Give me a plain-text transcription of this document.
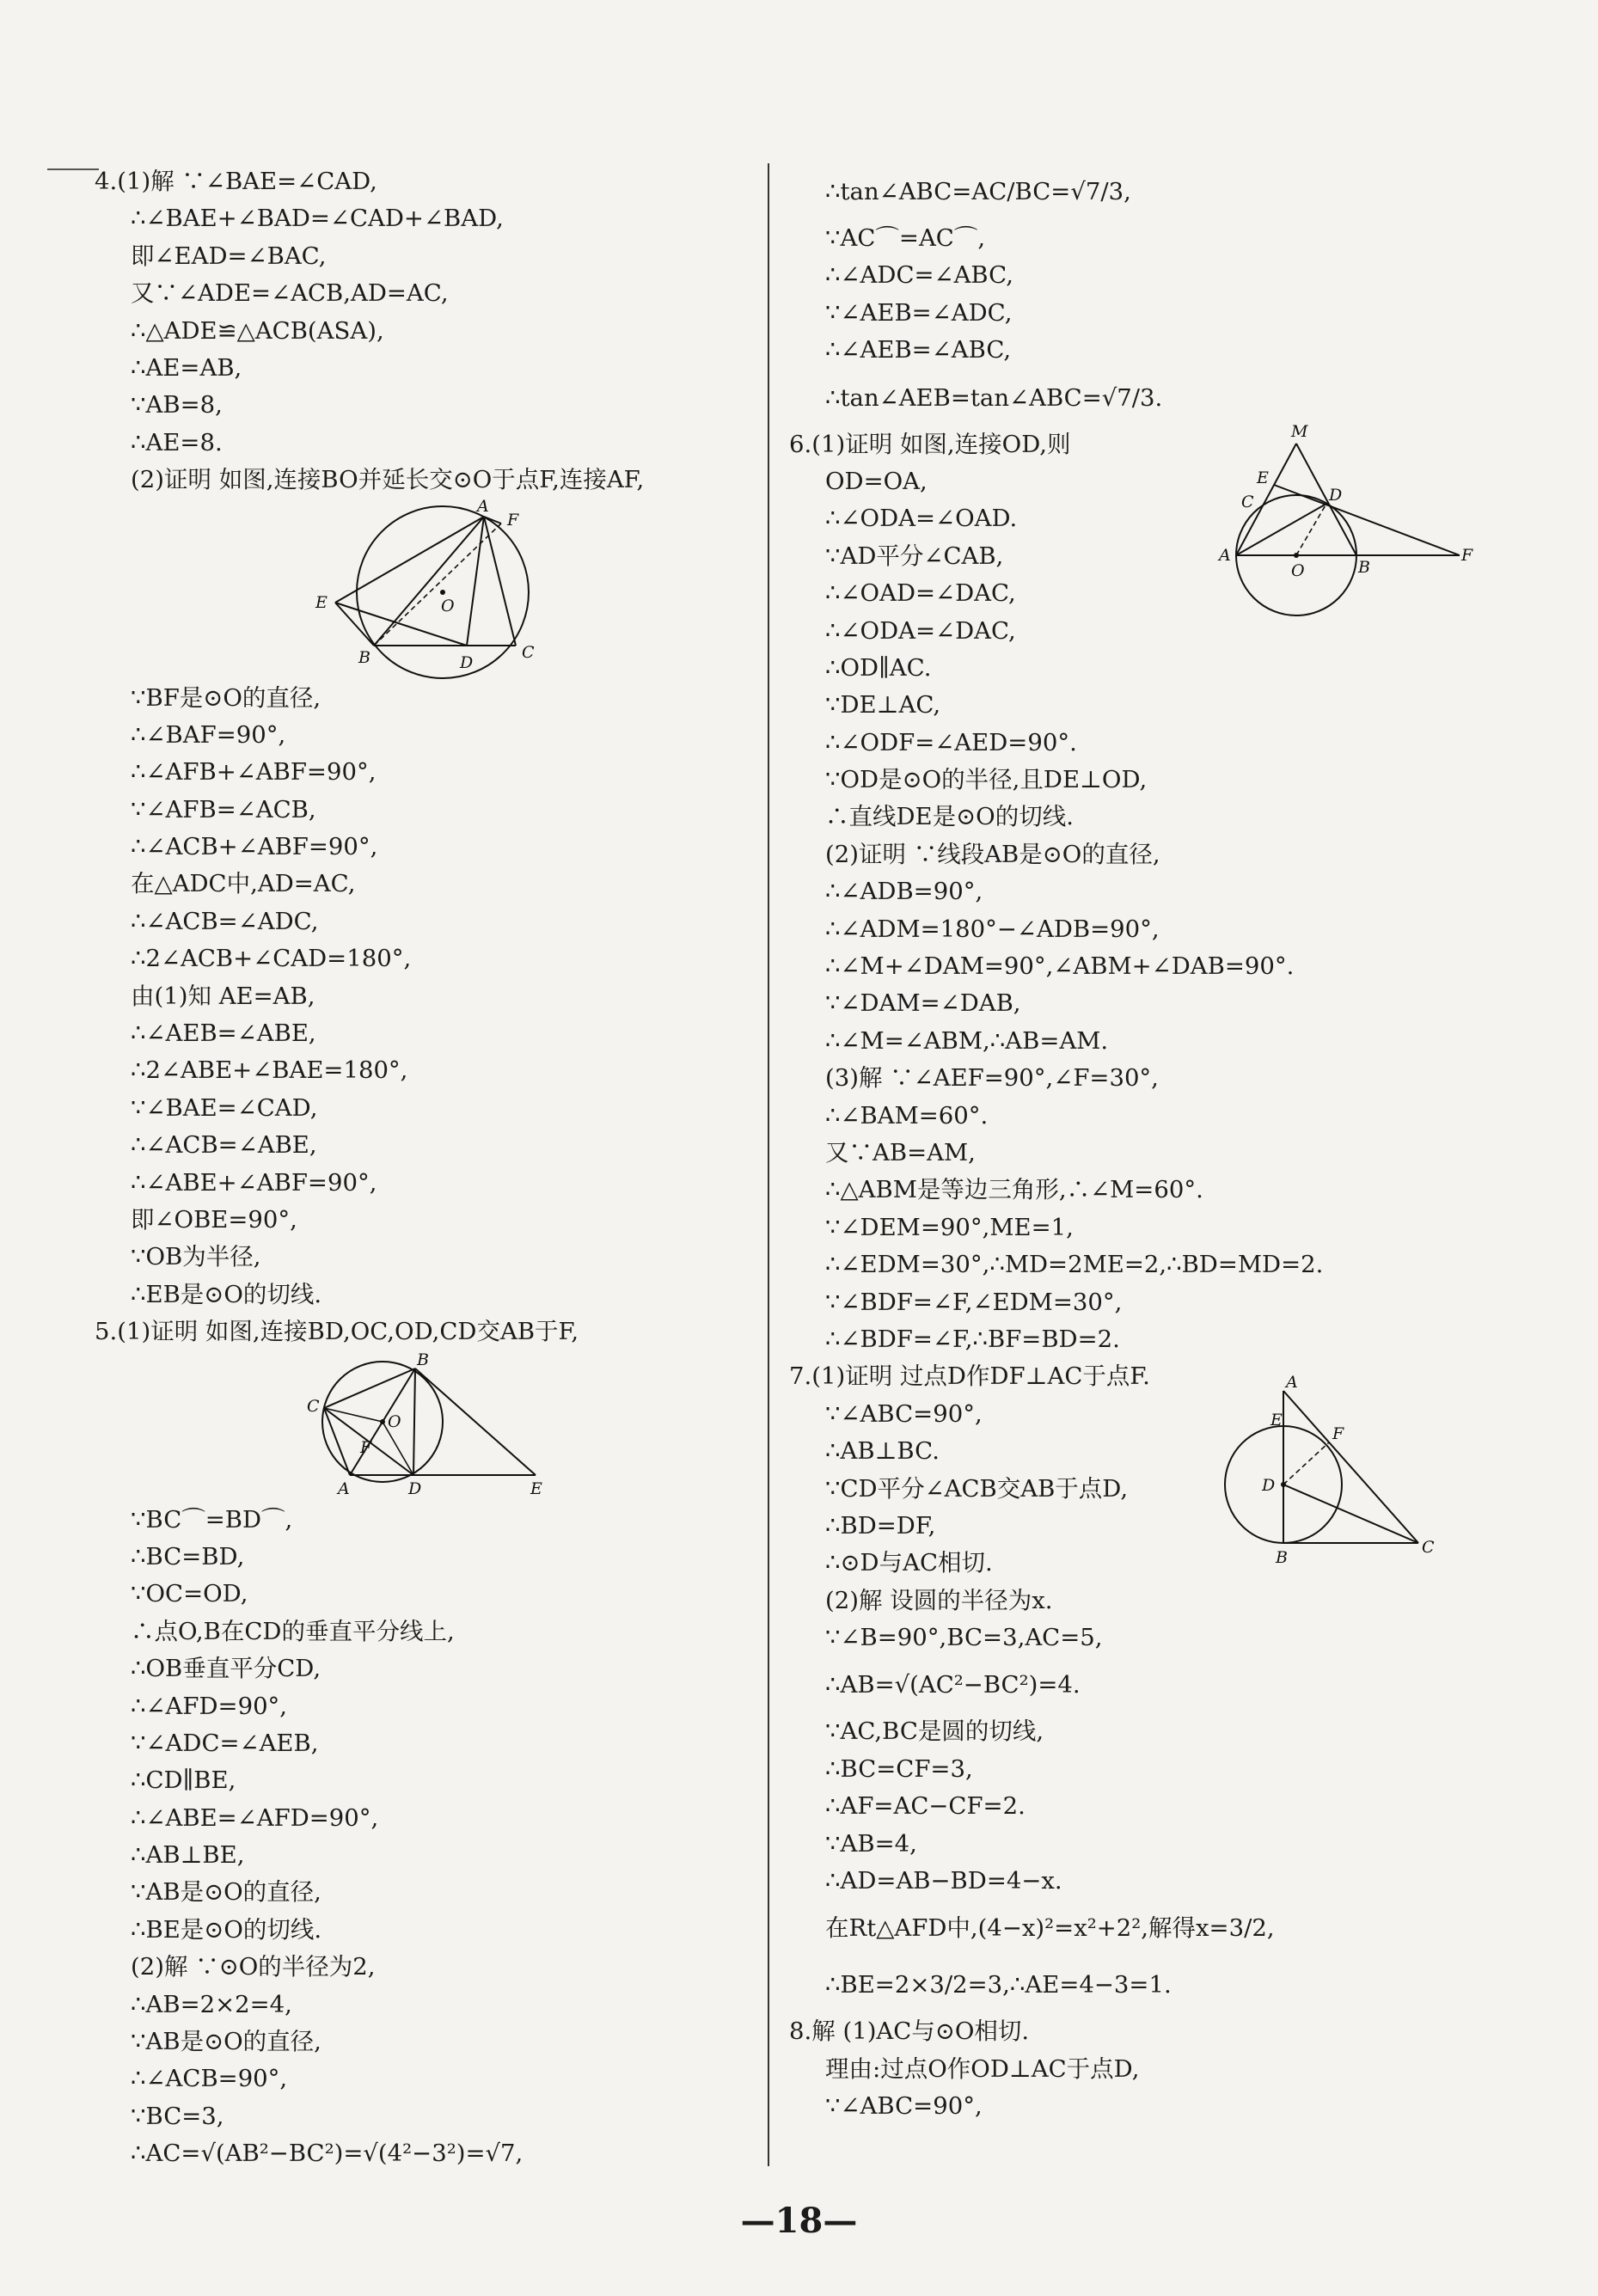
4.(1)解 ∵∠BAE=∠CAD,
∴∠BAE+∠BAD=∠CAD+∠BAD,
即∠EAD=∠BAC,
又∵∠ADE=∠ACB,AD=AC,
∴△ADE≌△ACB(ASA),
∴AE=AB,
∵AB=8,
∴AE=8.
(2)证明 如图,连接BO并延长交⊙O于点F,连接AF,
A
F
E	O
B	D
C
∵BF是⊙O的直径,
∴∠BAF=90°,
∴∠AFB+∠ABF=90°,
∵∠AFB=∠ACB,
∴∠ACB+∠ABF=90°,
在△ADC中,AD=AC,
∴∠ACB=∠ADC,
∴2∠ACB+∠CAD=180°,
由(1)知 AE=AB,
∴∠AEB=∠ABE,
∴2∠ABE+∠BAE=180°,
∵∠BAE=∠CAD,
∴∠ACB=∠ABE,
∴∠ABE+∠ABF=90°,
即∠OBE=90°,
∵OB为半径,
∴EB是⊙O的切线.
5.(1)证明 如图,连接BD,OC,OD,CD交AB于F,
B
C
O
F
A	D	E
∵BC⌒=BD⌒,
∴BC=BD,
∵OC=OD,
∴点O,B在CD的垂直平分线上,
∴OB垂直平分CD,
∴∠AFD=90°,
∵∠ADC=∠AEB,
∴CD∥BE,
∴∠ABE=∠AFD=90°,
∴AB⊥BE,
∵AB是⊙O的直径,
∴BE是⊙O的切线.
(2)解 ∵⊙O的半径为2,
∴AB=2×2=4,
∵AB是⊙O的直径,
∴∠ACB=90°,
∵BC=3,
∴AC=√(AB²−BC²)=√(4²−3²)=√7,
∴tan∠ABC=AC/BC=√7/3,
∵AC⌒=AC⌒,
∴∠ADC=∠ABC,
∵∠AEB=∠ADC,
∴∠AEB=∠ABC,
∴tan∠AEB=tan∠ABC=√7/3.
6.(1)证明 如图,连接OD,则
OD=OA,
∴∠ODA=∠OAD.
∵AD平分∠CAB,
∴∠OAD=∠DAC,
∴∠ODA=∠DAC,
∴OD∥AC.
∵DE⊥AC,
∴∠ODF=∠AED=90°.
M
E
C	D
A
O	B
F
∵OD是⊙O的半径,且DE⊥OD,
∴直线DE是⊙O的切线.
(2)证明 ∵线段AB是⊙O的直径,
∴∠ADB=90°,
∴∠ADM=180°−∠ADB=90°,
∴∠M+∠DAM=90°,∠ABM+∠DAB=90°.
∵∠DAM=∠DAB,
∴∠M=∠ABM,∴AB=AM.
(3)解 ∵∠AEF=90°,∠F=30°,
∴∠BAM=60°.
又∵AB=AM,
∴△ABM是等边三角形,∴∠M=60°.
∵∠DEM=90°,ME=1,
∴∠EDM=30°,∴MD=2ME=2,∴BD=MD=2.
∵∠BDF=∠F,∠EDM=30°,
∴∠BDF=∠F,∴BF=BD=2.
7.(1)证明 过点D作DF⊥AC于点F.
∵∠ABC=90°,
∴AB⊥BC.
∵CD平分∠ACB交AB于点D,
∴BD=DF,
∴⊙D与AC相切.
(2)解 设圆的半径为x.
∵∠B=90°,BC=3,AC=5,
∴AB=√(AC²−BC²)=4.
∵AC,BC是圆的切线,
∴BC=CF=3,
∴AF=AC−CF=2.
∵AB=4,
∴AD=AB−BD=4−x.
在Rt△AFD中,(4−x)²=x²+2²,解得x=3/2,
∴BE=2×3/2=3,∴AE=4−3=1.
8.解 (1)AC与⊙O相切.
理由:过点O作OD⊥AC于点D,
∵∠ABC=90°,
A
E
F
D
B
C
—18—
